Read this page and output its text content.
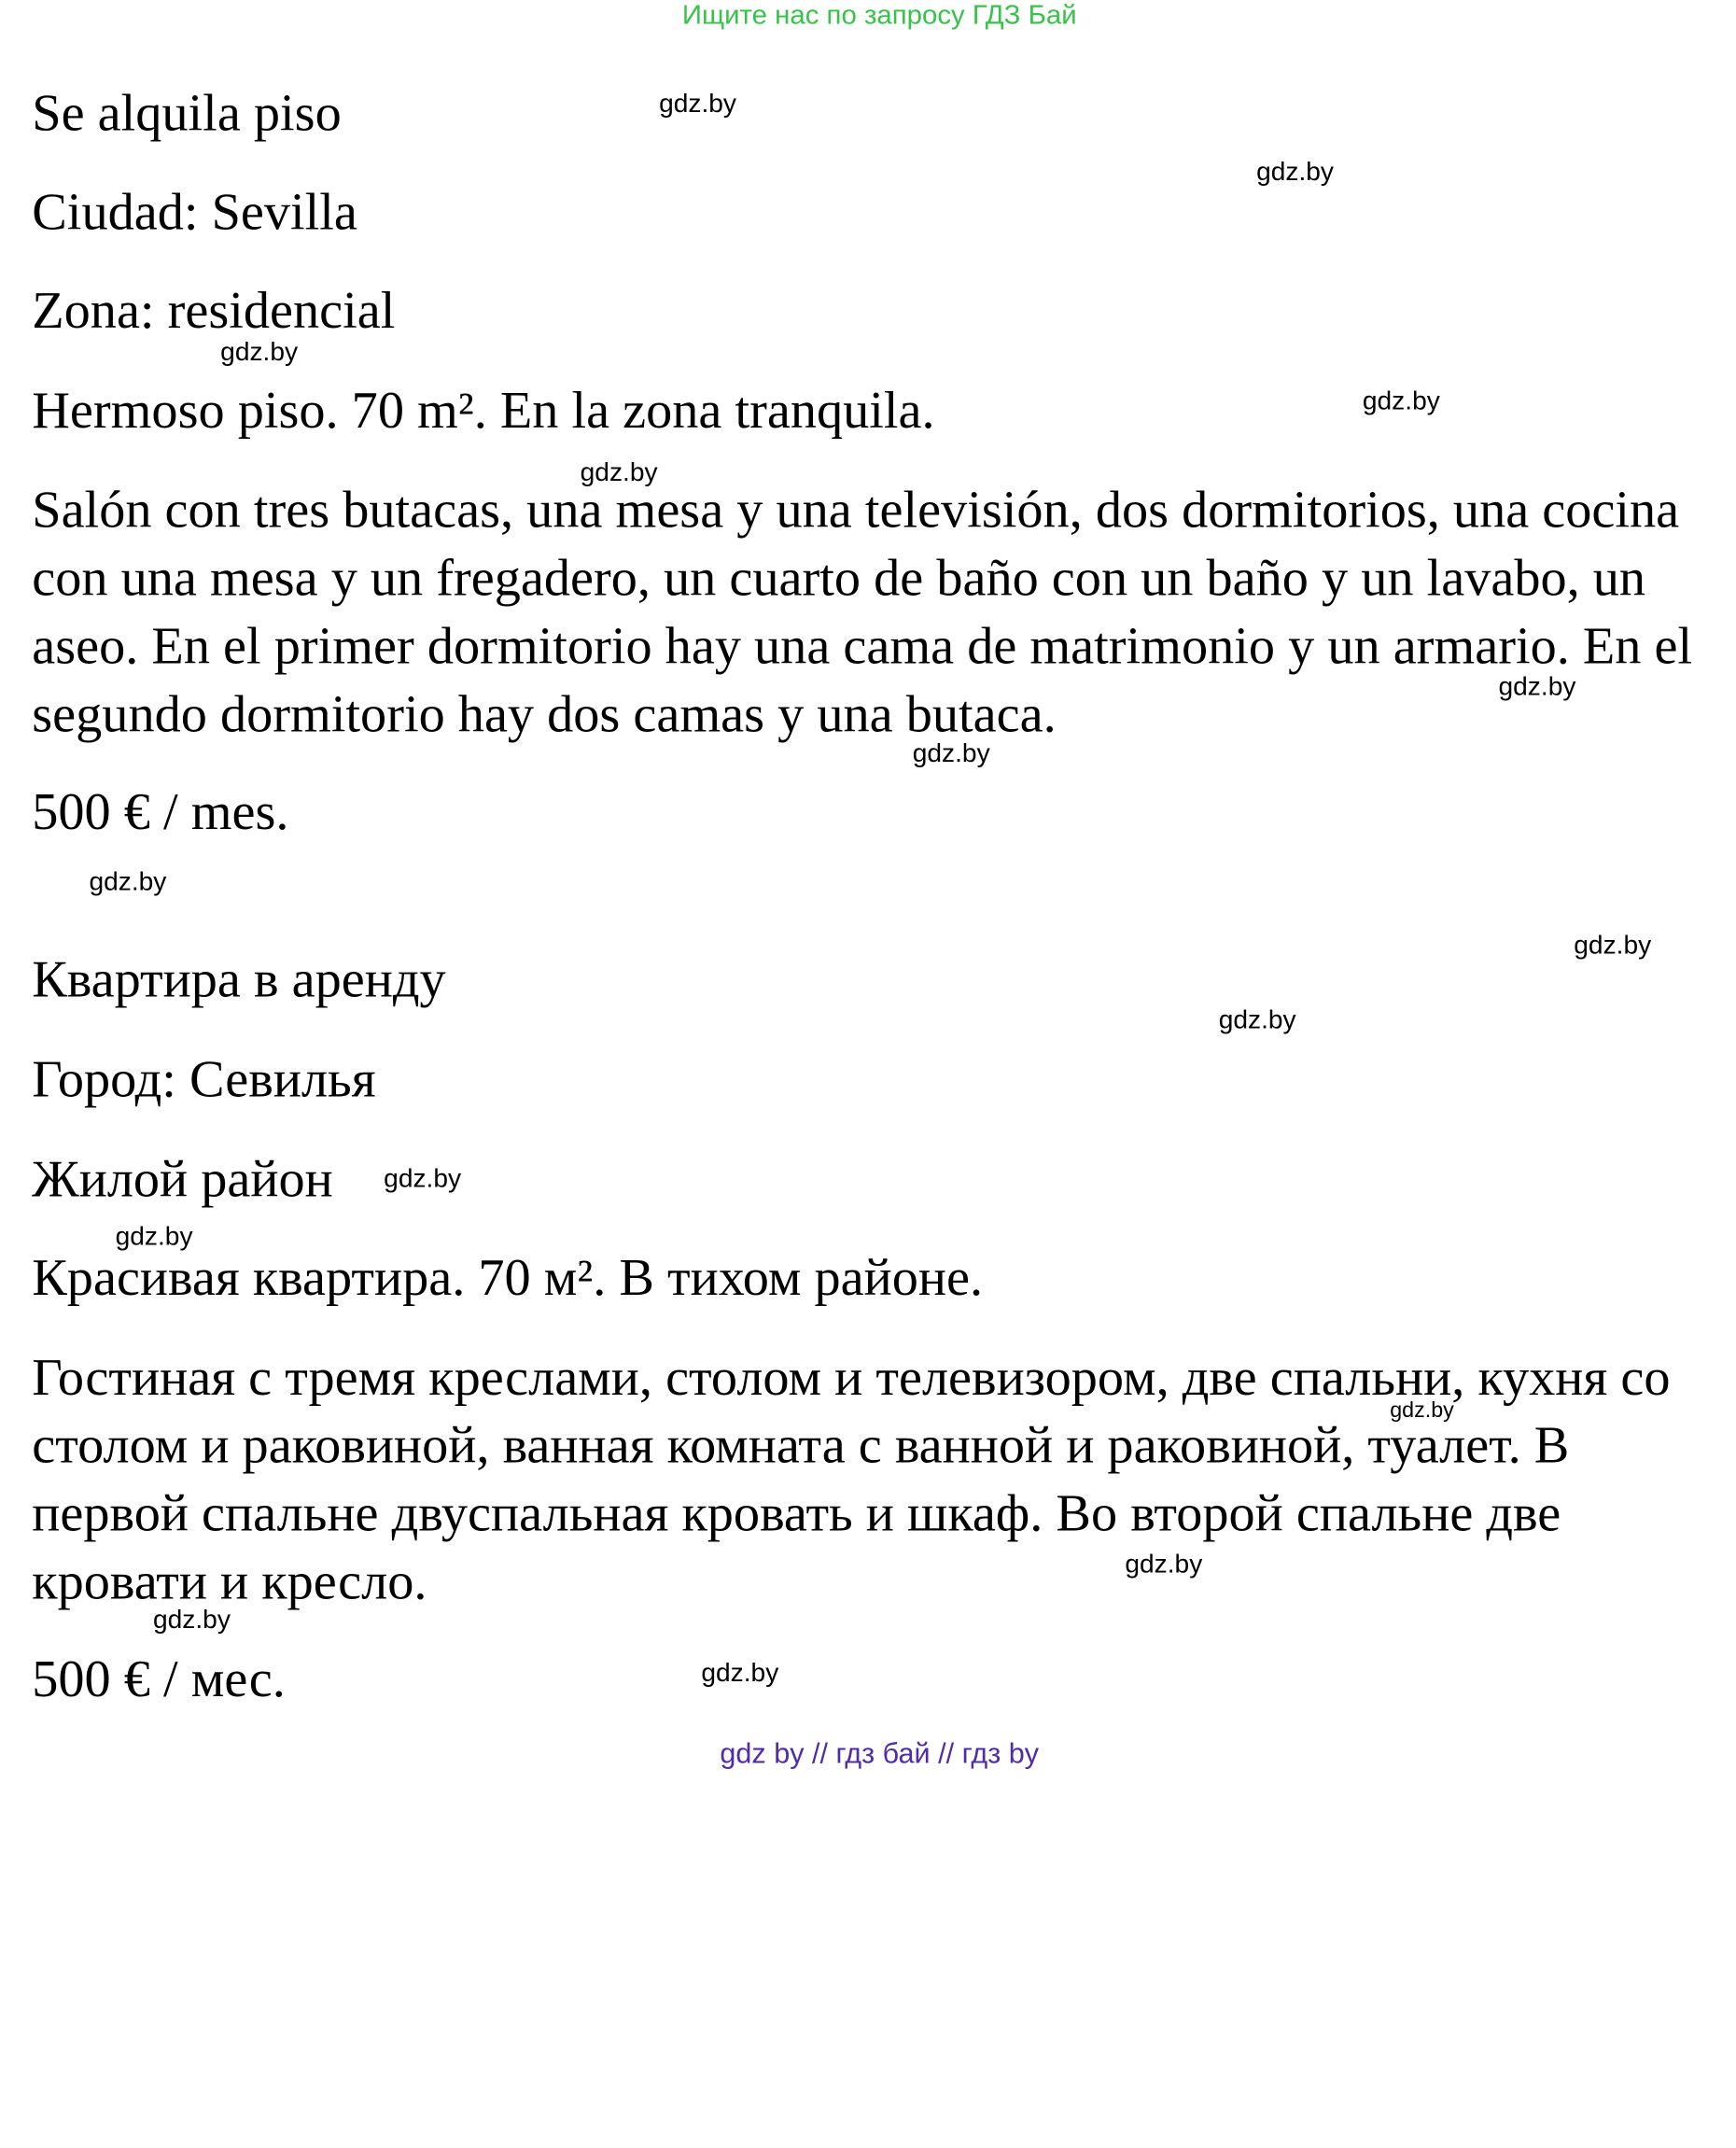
Ищите нас по запросу ГДЗ Бай

Se alquila piso

Ciudad: Sevilla

Zona: residencial

Hermoso piso. 70 m². En la zona tranquila.

Salón con tres butacas, una mesa y una televisión, dos dormitorios, una cocina con una mesa y un fregadero, un cuarto de baño con un baño y un lavabo, un aseo. En el primer dormitorio hay una cama de matrimonio y un armario. En el segundo dormitorio hay dos camas y una butaca.

500 € / mes.

Квартира в аренду

Город: Севилья

Жилой район

Красивая квартира. 70 м². В тихом районе.

Гостиная с тремя креслами, столом и телевизором, две спальни, кухня со столом и раковиной, ванная комната с ванной и раковиной, туалет. В первой спальне двуспальная кровать и шкаф. Во второй спальне две кровати и кресло.

500 € / мес.

gdz.by
gdz.by
gdz.by
gdz.by
gdz.by
gdz.by
gdz.by
gdz.by
gdz.by
gdz.by
gdz.by
gdz.by
gdz.by
gdz.by
gdz.by
gdz.by
gdz by // гдз бай // гдз by
